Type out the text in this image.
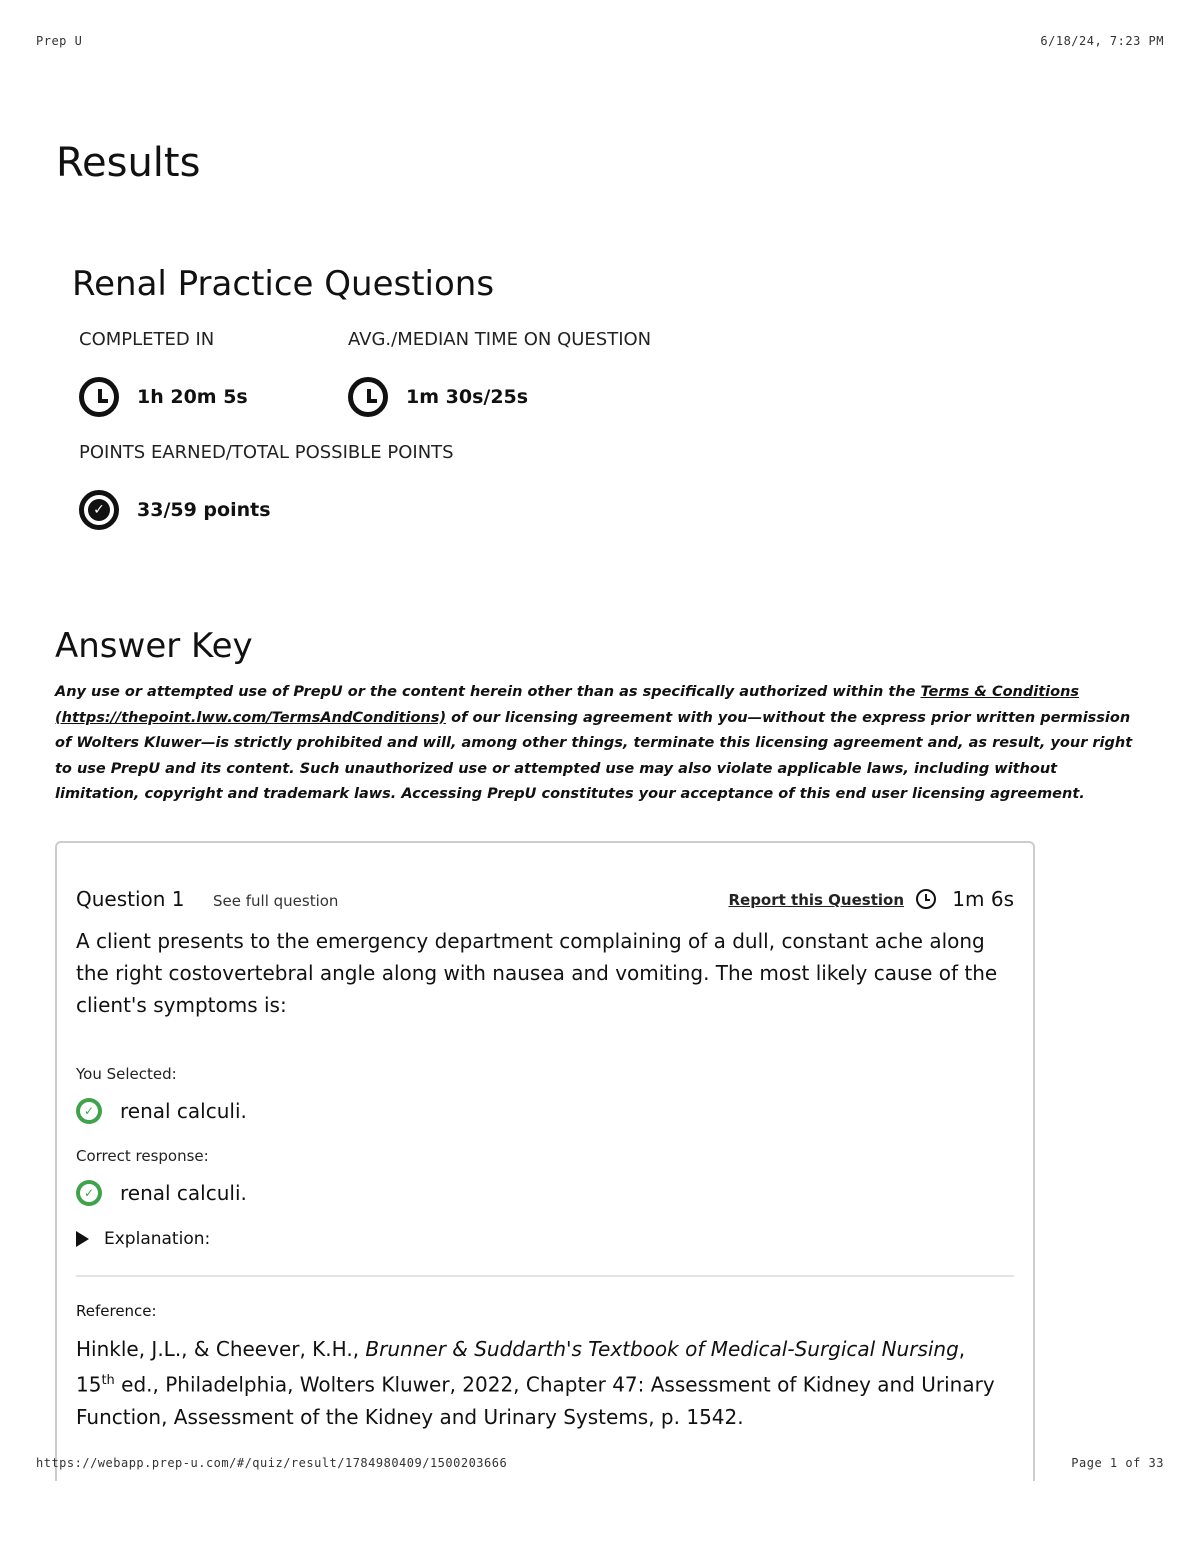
Prep U	6/18/24, 7:23 PM
Results
Renal Practice Questions
COMPLETED IN	AVG./MEDIAN TIME ON QUESTION
1h 20m 5s	1m 30s/25s
POINTS EARNED/TOTAL POSSIBLE POINTS
✓ 33/59 points
Answer Key

Any use or attempted use of PrepU or the content herein other than as specifically authorized within the Terms & Conditions (https://thepoint.lww.com/TermsAndConditions) of our licensing agreement with you—without the express prior written permission of Wolters Kluwer—is strictly prohibited and will, among other things, terminate this licensing agreement and, as result, your right to use PrepU and its content. Such unauthorized use or attempted use may also violate applicable laws, including without limitation, copyright and trademark laws. Accessing PrepU constitutes your acceptance of this end user licensing agreement.

Question 1 See full question	Report this Question 1m 6s

A client presents to the emergency department complaining of a dull, constant ache along the right costovertebral angle along with nausea and vomiting. The most likely cause of the client's symptoms is:

You Selected:
✓ renal calculi.
Correct response:
✓ renal calculi.
Explanation:
Reference:

Hinkle, J.L., & Cheever, K.H., Brunner & Suddarth's Textbook of Medical-Surgical Nursing, 15th ed., Philadelphia, Wolters Kluwer, 2022, Chapter 47: Assessment of Kidney and Urinary Function, Assessment of the Kidney and Urinary Systems, p. 1542.

https://webapp.prep-u.com/#/quiz/result/1784980409/1500203666	Page 1 of 33
